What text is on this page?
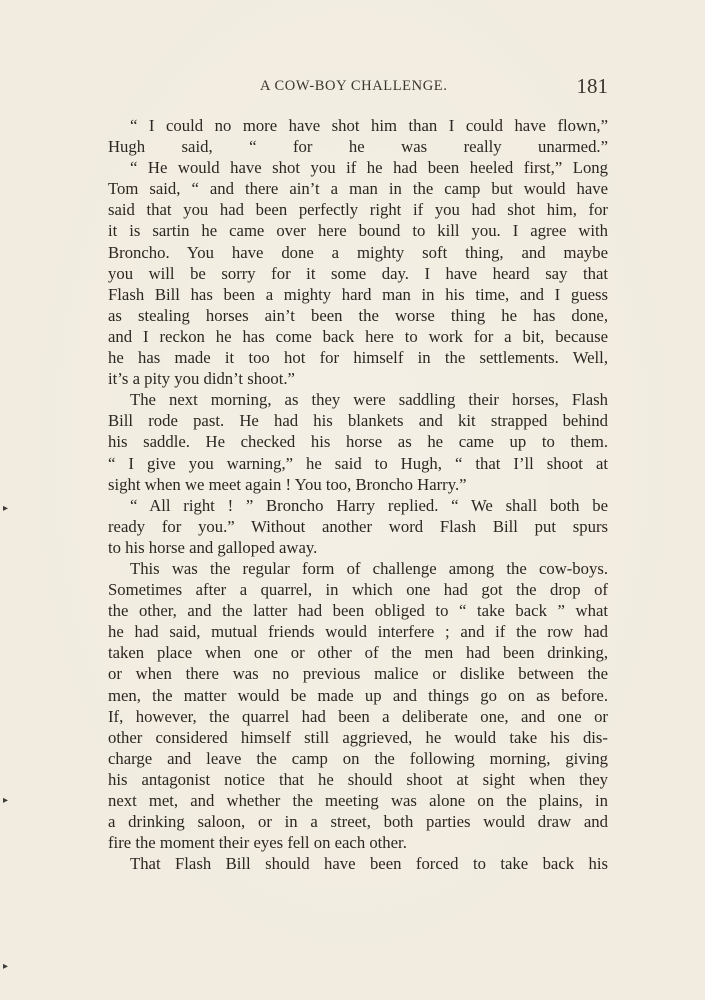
A COW-BOY CHALLENGE.	181
“ I could no more have shot him than I could have flown,”
Hugh said, “ for he was really unarmed.”
“ He would have shot you if he had been heeled first,” Long
Tom said, “ and there ain’t a man in the camp but would have
said that you had been perfectly right if you had shot him, for
it is sartin he came over here bound to kill you. I agree with
Broncho. You have done a mighty soft thing, and maybe
you will be sorry for it some day. I have heard say that
Flash Bill has been a mighty hard man in his time, and I guess
as stealing horses ain’t been the worse thing he has done,
and I reckon he has come back here to work for a bit, because
he has made it too hot for himself in the settlements. Well,
it’s a pity you didn’t shoot.”
The next morning, as they were saddling their horses, Flash
Bill rode past. He had his blankets and kit strapped behind
his saddle. He checked his horse as he came up to them.
“ I give you warning,” he said to Hugh, “ that I’ll shoot at
sight when we meet again ! You too, Broncho Harry.”
“ All right ! ” Broncho Harry replied. “ We shall both be
ready for you.” Without another word Flash Bill put spurs
to his horse and galloped away.
This was the regular form of challenge among the cow-boys.
Sometimes after a quarrel, in which one had got the drop of
the other, and the latter had been obliged to “ take back ” what
he had said, mutual friends would interfere ; and if the row had
taken place when one or other of the men had been drinking,
or when there was no previous malice or dislike between the
men, the matter would be made up and things go on as before.
If, however, the quarrel had been a deliberate one, and one or
other considered himself still aggrieved, he would take his dis-
charge and leave the camp on the following morning, giving
his antagonist notice that he should shoot at sight when they
next met, and whether the meeting was alone on the plains, in
a drinking saloon, or in a street, both parties would draw and
fire the moment their eyes fell on each other.
That Flash Bill should have been forced to take back his
▸
▸
▸
